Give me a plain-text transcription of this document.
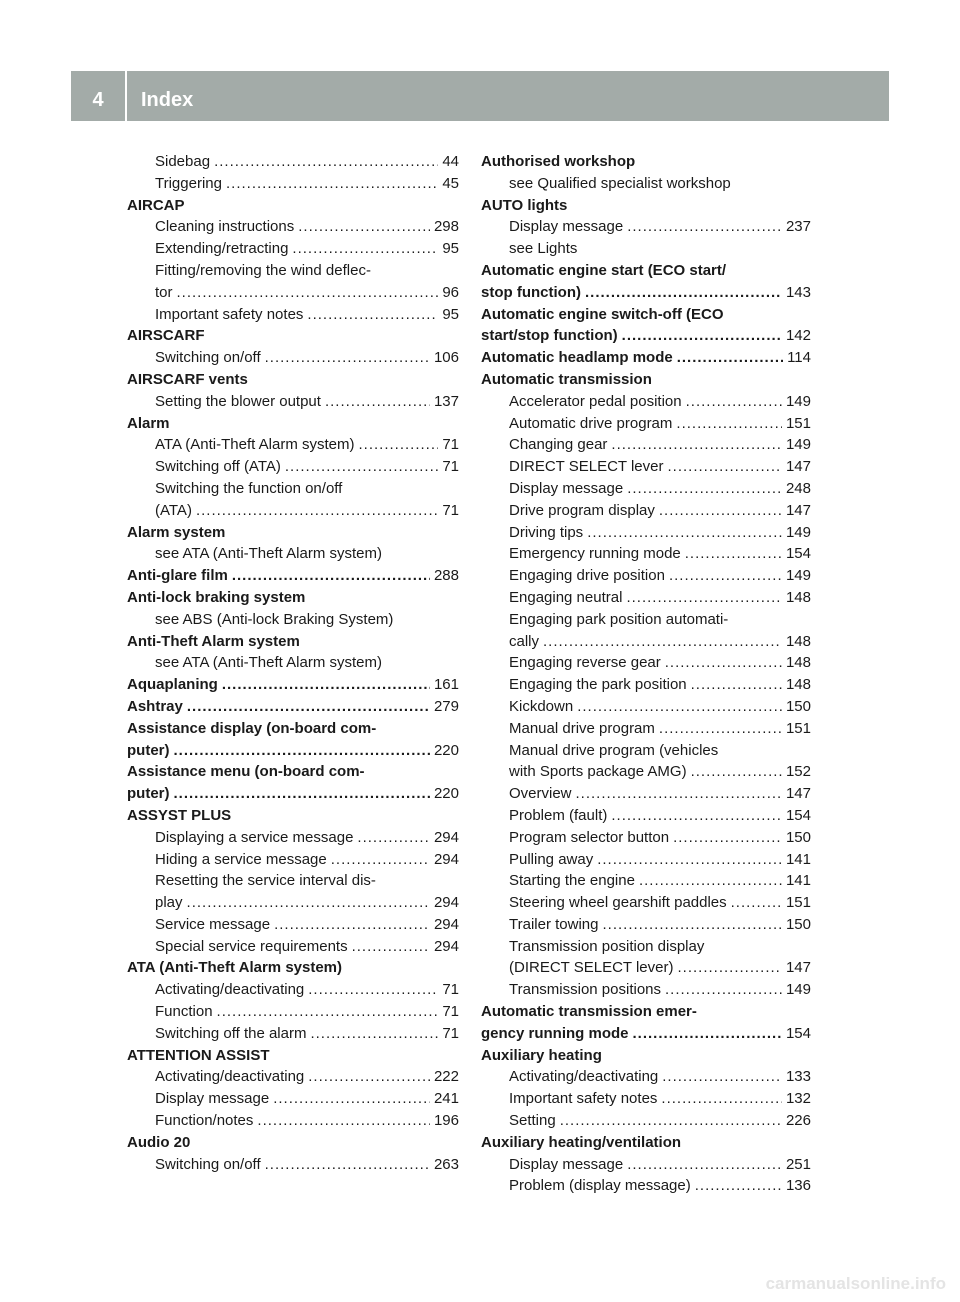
4	Index
Sidebag .....	44
Triggering .....	45
AIRCAP
Cleaning instructions .....	298
Extending/retracting .....	95
Fitting/removing the wind deflec-
tor .....	96
Important safety notes .....	95
AIRSCARF
Switching on/off .....	106
AIRSCARF vents
Setting the blower output .....	137
Alarm
ATA (Anti-Theft Alarm system) .....	71
Switching off (ATA) .....	71
Switching the function on/off
(ATA) .....	71
Alarm system
see ATA (Anti-Theft Alarm system)
Anti-glare film .....	288
Anti-lock braking system
see ABS (Anti-lock Braking System)
Anti-Theft Alarm system
see ATA (Anti-Theft Alarm system)
Aquaplaning .....	161
Ashtray .....	279
Assistance display (on-board com-
puter) .....	220
Assistance menu (on-board com-
puter) .....	220
ASSYST PLUS
Displaying a service message .....	294
Hiding a service message .....	294
Resetting the service interval dis-
play .....	294
Service message .....	294
Special service requirements .....	294
ATA (Anti-Theft Alarm system)
Activating/deactivating .....	71
Function .....	71
Switching off the alarm .....	71
ATTENTION ASSIST
Activating/deactivating .....	222
Display message .....	241
Function/notes .....	196
Audio 20
Switching on/off .....	263
Authorised workshop
see Qualified specialist workshop
AUTO lights
Display message .....	237
see Lights
Automatic engine start (ECO start/
stop function) .....	143
Automatic engine switch-off (ECO
start/stop function) .....	142
Automatic headlamp mode .....	114
Automatic transmission
Accelerator pedal position .....	149
Automatic drive program .....	151
Changing gear .....	149
DIRECT SELECT lever .....	147
Display message .....	248
Drive program display .....	147
Driving tips .....	149
Emergency running mode .....	154
Engaging drive position .....	149
Engaging neutral .....	148
Engaging park position automati-
cally .....	148
Engaging reverse gear .....	148
Engaging the park position .....	148
Kickdown .....	150
Manual drive program .....	151
Manual drive program (vehicles
with Sports package AMG) .....	152
Overview .....	147
Problem (fault) .....	154
Program selector button .....	150
Pulling away .....	141
Starting the engine .....	141
Steering wheel gearshift paddles .....	151
Trailer towing .....	150
Transmission position display
(DIRECT SELECT lever) .....	147
Transmission positions .....	149
Automatic transmission emer-
gency running mode .....	154
Auxiliary heating
Activating/deactivating .....	133
Important safety notes .....	132
Setting .....	226
Auxiliary heating/ventilation
Display message .....	251
Problem (display message) .....	136
carmanualsonline.info
